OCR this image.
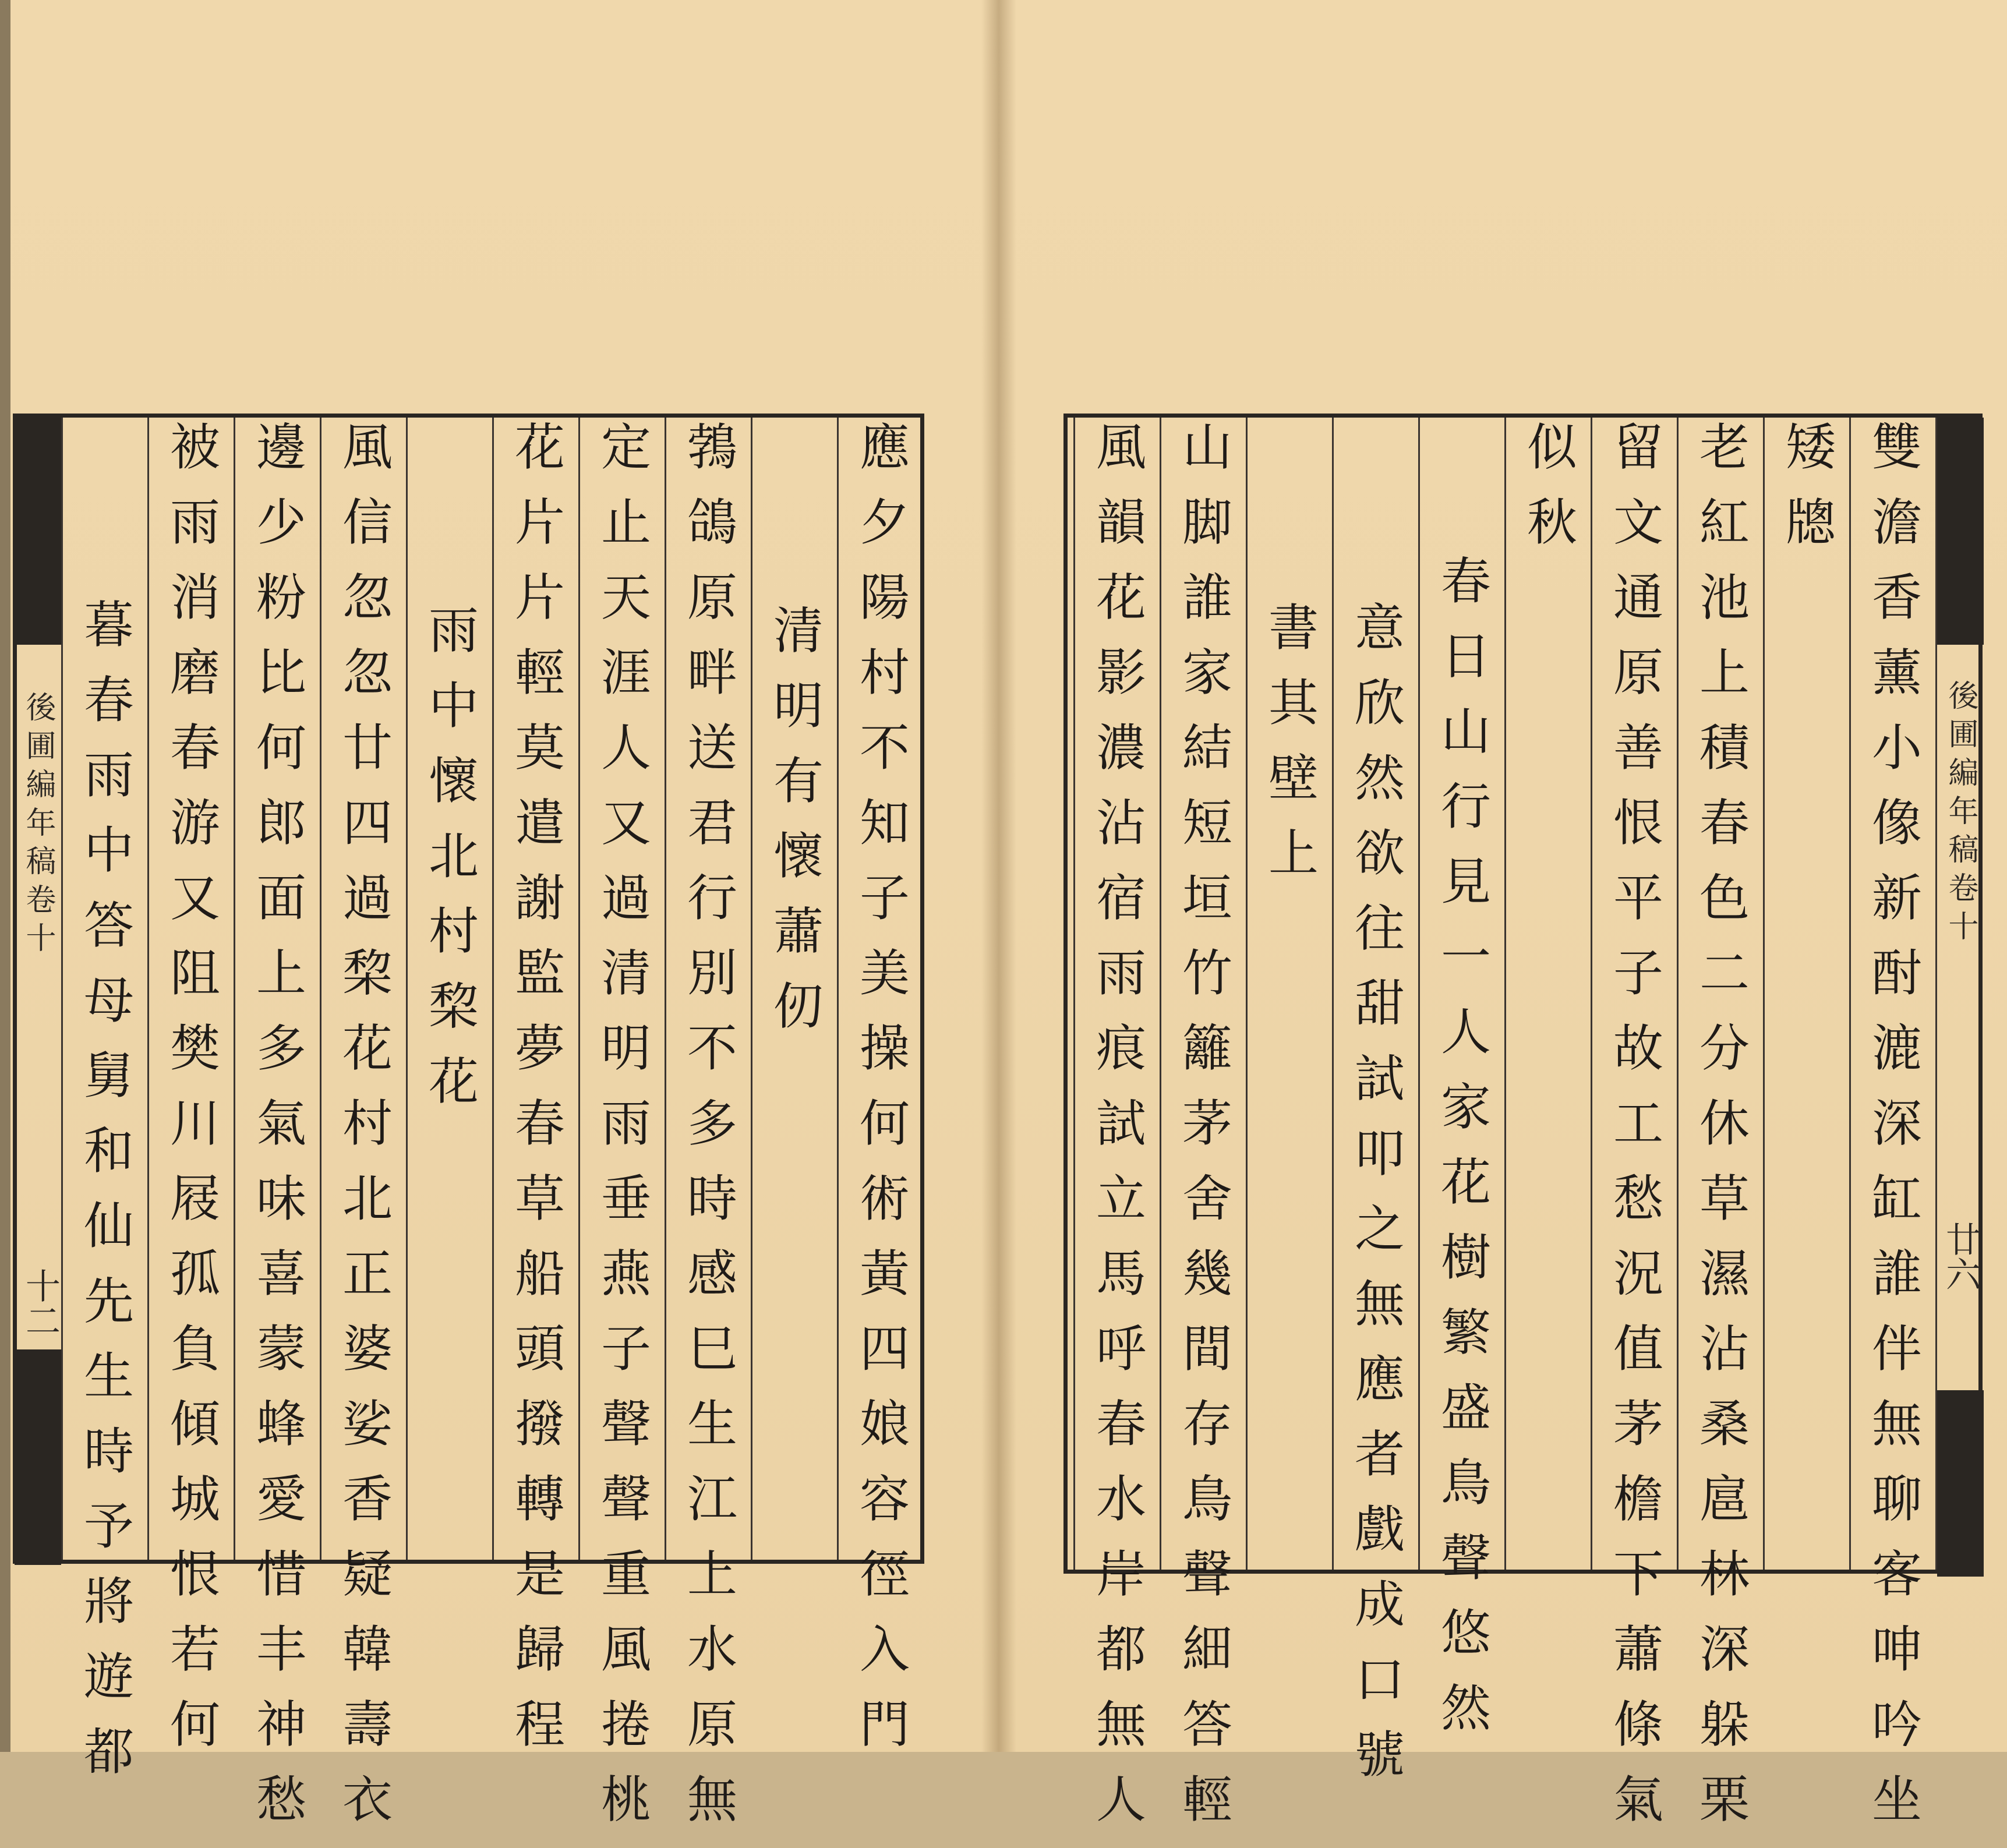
應夕陽村不知子美操何術黃四娘容徑入門
清明有懷蕭仞
鵓鴿原畔送君行別不多時感巳生江上水原無
定止天涯人又過清明雨垂燕子聲聲重風捲桃
花片片輕莫遣謝監夢春草船頭撥轉是歸程
雨中懷北村棃花
風信忽忽廿四過棃花村北正婆娑香疑韓壽衣
邊少粉比何郎面上多氣味喜蒙蜂愛惜丰神愁
被雨消磨春游又阻樊川屐孤負傾城恨若何
暮春雨中答母舅和仙先生時予將遊都
後圃編年稿卷十
十二
後圃編年稿卷十
廿六
雙澹香薰小像新酎漉深缸誰伴無聊客呻吟坐
矮牕
老紅池上積春色二分休草濕沾桑扈林深躲栗
留文通原善恨平子故工愁況值茅檐下蕭條氣
似秋
春日山行見一人家花樹繁盛鳥聲悠然
意欣然欲往甜試叩之無應者戲成口號
書其壁上
山脚誰家結短垣竹籬茅舍幾間存鳥聲細答輕
風韻花影濃沾宿雨痕試立馬呼春水岸都無人
